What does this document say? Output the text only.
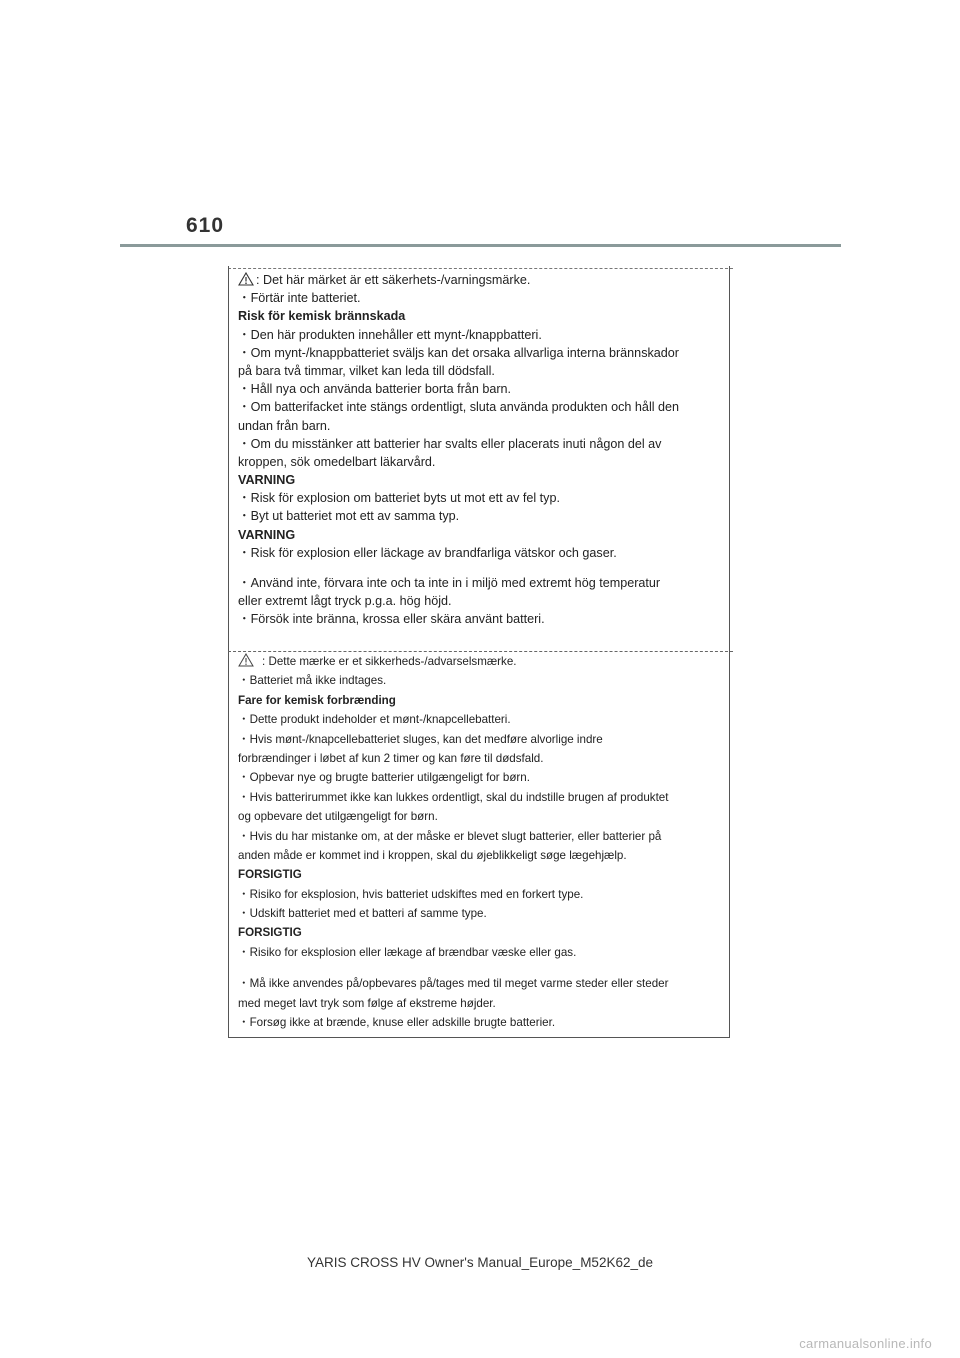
610
: Det här märket är ett säkerhets-/varningsmärke.
・Förtär inte batteriet.
Risk för kemisk brännskada
・Den här produkten innehåller ett mynt-/knappbatteri.
・Om mynt-/knappbatteriet sväljs kan det orsaka allvarliga interna brännskador
på bara två timmar, vilket kan leda till dödsfall.
・Håll nya och använda batterier borta från barn.
・Om batterifacket inte stängs ordentligt, sluta använda produkten och håll den
undan från barn.
・Om du misstänker att batterier har svalts eller placerats inuti någon del av
kroppen, sök omedelbart läkarvård.
VARNING
・Risk för explosion om batteriet byts ut mot ett av fel typ.
・Byt ut batteriet mot ett av samma typ.
VARNING
・Risk för explosion eller läckage av brandfarliga vätskor och gaser.
・Använd inte, förvara inte och ta inte in i miljö med extremt hög temperatur
eller extremt lågt tryck p.g.a. hög höjd.
・Försök inte bränna, krossa eller skära använt batteri.
: Dette mærke er et sikkerheds-/advarselsmærke.
・Batteriet må ikke indtages.
Fare for kemisk forbrænding
・Dette produkt indeholder et mønt-/knapcellebatteri.
・Hvis mønt-/knapcellebatteriet sluges, kan det medføre alvorlige indre
forbrændinger i løbet af kun 2 timer og kan føre til dødsfald.
・Opbevar nye og brugte batterier utilgængeligt for børn.
・Hvis batterirummet ikke kan lukkes ordentligt, skal du indstille brugen af produktet
og opbevare det utilgængeligt for børn.
・Hvis du har mistanke om, at der måske er blevet slugt batterier, eller batterier på
anden måde er kommet ind i kroppen, skal du øjeblikkeligt søge lægehjælp.
FORSIGTIG
・Risiko for eksplosion, hvis batteriet udskiftes med en forkert type.
・Udskift batteriet med et batteri af samme type.
FORSIGTIG
・Risiko for eksplosion eller lækage af brændbar væske eller gas.
・Må ikke anvendes på/opbevares på/tages med til meget varme steder eller steder
med meget lavt tryk som følge af ekstreme højder.
・Forsøg ikke at brænde, knuse eller adskille brugte batterier.
YARIS CROSS HV Owner's Manual_Europe_M52K62_de
carmanualsonline.info
